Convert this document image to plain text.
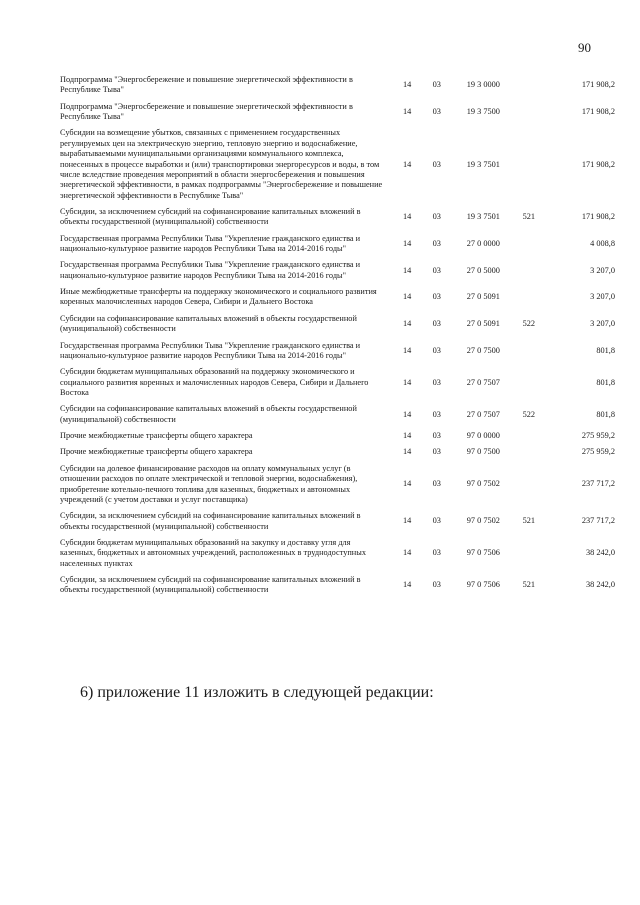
90
Подпрограмма "Энергосбережение и повышение энергетической эффективности в Республике Тыва"	14	03	19 3 0000		171 908,2
Подпрограмма "Энергосбережение и повышение энергетической эффективности в Республике Тыва"	14	03	19 3 7500		171 908,2
Субсидии на возмещение убытков, связанных с применением государственных регулируемых цен на электрическую энергию, тепловую энергию и водоснабжение, вырабатываемыми муниципальными организациями коммунального комплекса, понесенных в процессе выработки и (или) транспортировки энергоресурсов и воды, в том числе вследствие проведения мероприятий в области энергосбережения и повышения энергетической эффективности, в рамках подпрограммы "Энергосбережение и повышение энергетической эффективности в Республике Тыва"	14	03	19 3 7501		171 908,2
Субсидии, за исключением субсидий на софинансирование капитальных вложений в объекты государственной (муниципальной) собственности	14	03	19 3 7501	521	171 908,2
Государственная программа Республики Тыва "Укрепление гражданского единства и национально-культурное развитие народов Республики Тыва на 2014-2016 годы"	14	03	27 0 0000		4 008,8
Государственная программа Республики Тыва "Укрепление гражданского единства и национально-культурное развитие народов Республики Тыва на 2014-2016 годы"	14	03	27 0 5000		3 207,0
Иные межбюджетные трансферты на поддержку экономического и социального развития коренных малочисленных народов Севера, Сибири и Дальнего Востока	14	03	27 0 5091		3 207,0
Субсидии на софинансирование капитальных вложений в объекты государственной (муниципальной) собственности	14	03	27 0 5091	522	3 207,0
Государственная программа Республики Тыва "Укрепление гражданского единства и национально-культурное развитие народов Республики Тыва на 2014-2016 годы"	14	03	27 0 7500		801,8
Субсидии бюджетам муниципальных образований на поддержку экономического и социального развития коренных и малочисленных народов Севера, Сибири и Дальнего Востока	14	03	27 0 7507		801,8
Субсидии на софинансирование капитальных вложений в объекты государственной (муниципальной) собственности	14	03	27 0 7507	522	801,8
Прочие межбюджетные трансферты общего характера	14	03	97 0 0000		275 959,2
Прочие межбюджетные трансферты общего характера	14	03	97 0 7500		275 959,2
Субсидии на долевое финансирование расходов на оплату коммунальных услуг (в отношении расходов по оплате электрической и тепловой энергии, водоснабжения), приобретение котельно-печного топлива для казенных, бюджетных и автономных учреждений (с учетом доставки и услуг поставщика)	14	03	97 0 7502		237 717,2
Субсидии, за исключением субсидий на софинансирование капитальных вложений в объекты государственной (муниципальной) собственности	14	03	97 0 7502	521	237 717,2
Субсидии бюджетам муниципальных образований на закупку и доставку угля для казенных, бюджетных и автономных учреждений, расположенных в труднодоступных населенных пунктах	14	03	97 0 7506		38 242,0
Субсидии, за исключением субсидий на софинансирование капитальных вложений в объекты государственной (муниципальной) собственности	14	03	97 0 7506	521	38 242,0
6) приложение 11 изложить в следующей редакции:
